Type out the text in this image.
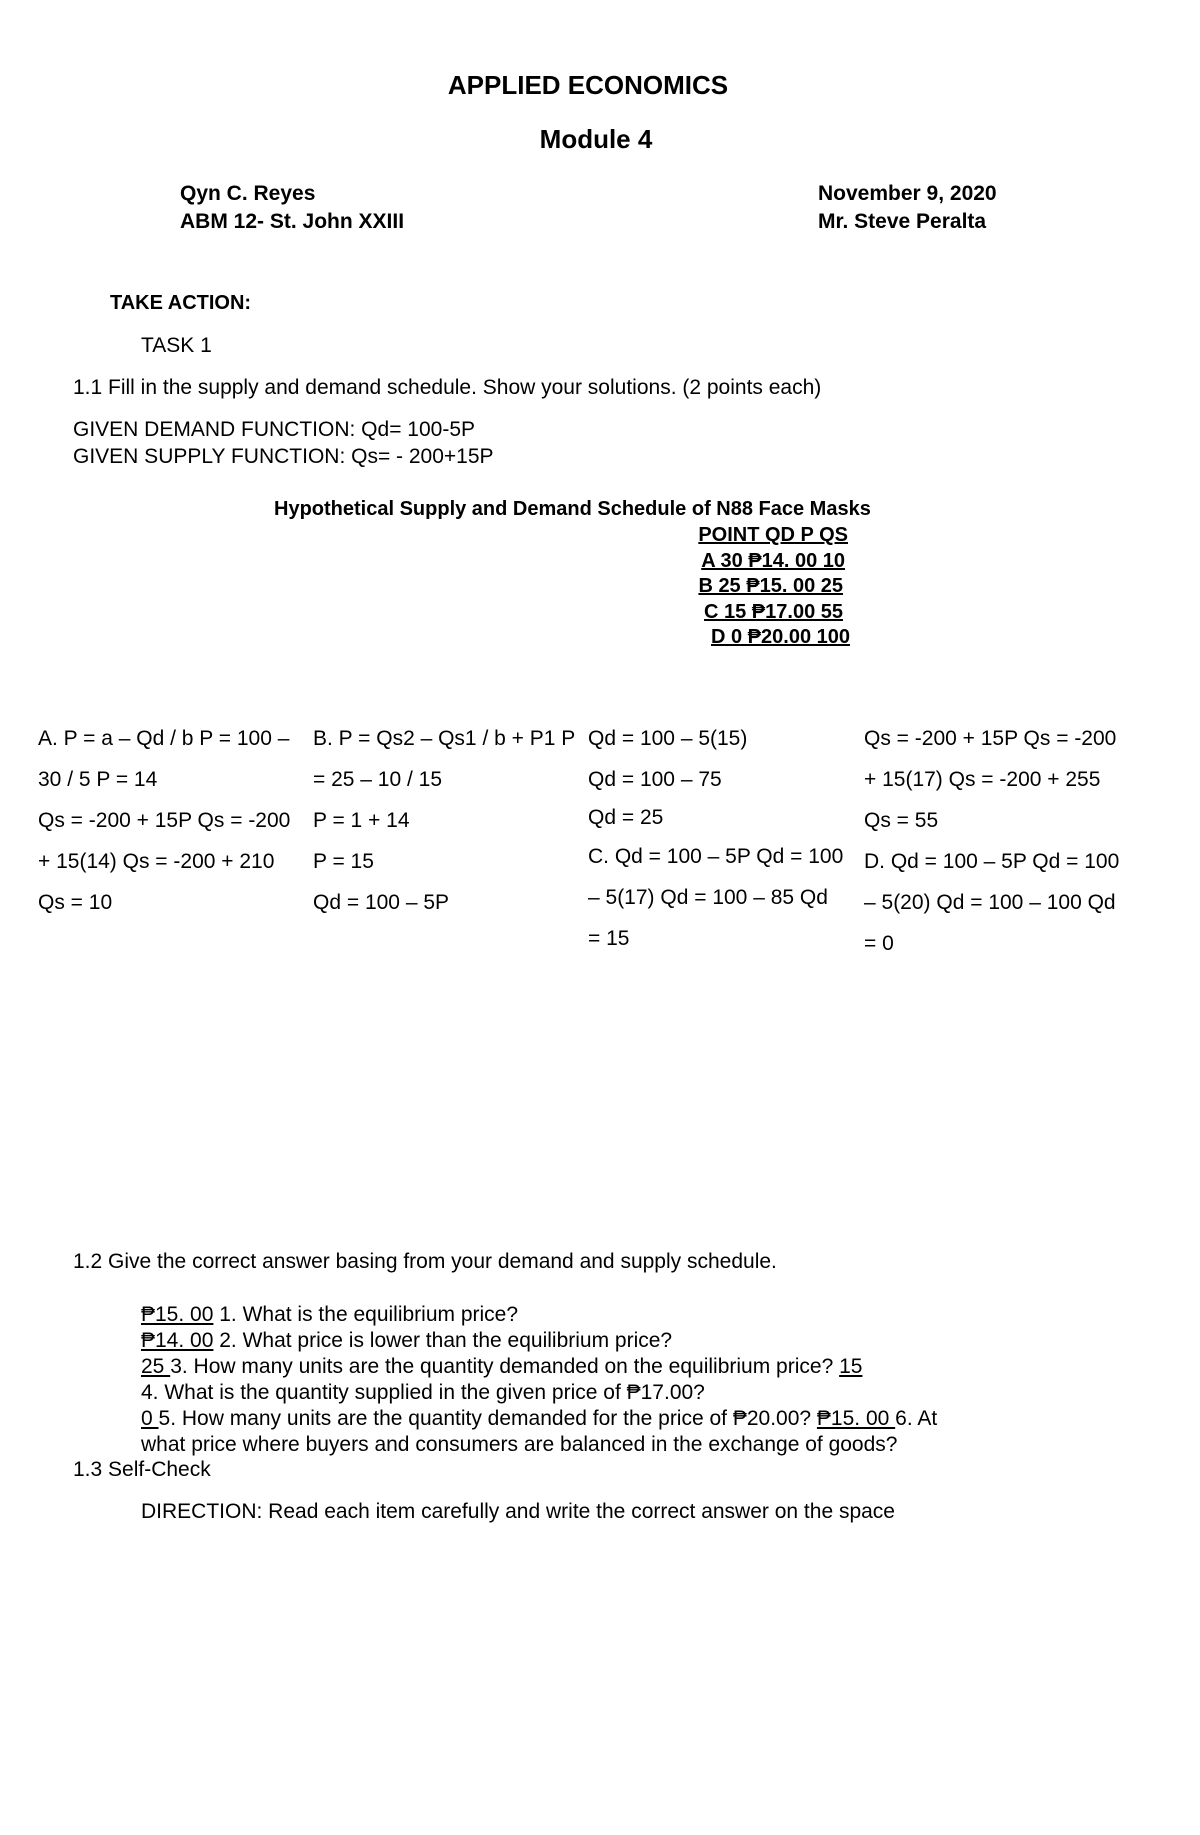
APPLIED ECONOMICS
Module 4
Qyn C. Reyes
ABM 12- St. John XXIII
November 9, 2020
Mr. Steve Peralta
TAKE ACTION:
TASK 1
1.1 Fill in the supply and demand schedule. Show your solutions. (2 points each)
GIVEN DEMAND FUNCTION: Qd= 100-5P
GIVEN SUPPLY FUNCTION: Qs= - 200+15P
Hypothetical Supply and Demand Schedule of N88 Face Masks
POINT QD P QS
A 30 ₱14. 00 10
B 25 ₱15. 00 25
C 15 ₱17.00 55
D 0 ₱20.00 100
A. P = a – Qd / b P = 100 –
30 / 5 P = 14
Qs = -200 + 15P Qs = -200
+ 15(14) Qs = -200 + 210
Qs = 10
B. P = Qs2 – Qs1 / b + P1 P
= 25 – 10 / 15
P = 1 + 14
P = 15
Qd = 100 – 5P
Qd = 100 – 5(15)
Qd = 100 – 75
Qd = 25
C. Qd = 100 – 5P Qd = 100
– 5(17) Qd = 100 – 85 Qd
= 15
Qs = -200 + 15P Qs = -200
+ 15(17) Qs = -200 + 255
Qs = 55
D. Qd = 100 – 5P Qd = 100
– 5(20) Qd = 100 – 100 Qd
= 0
1.2 Give the correct answer basing from your demand and supply schedule.
₱15. 00 1. What is the equilibrium price?
₱14. 00 2. What price is lower than the equilibrium price?
25 3. How many units are the quantity demanded on the equilibrium price? 15
4. What is the quantity supplied in the given price of ₱17.00?
0 5. How many units are the quantity demanded for the price of ₱20.00? ₱15. 00 6. At
what price where buyers and consumers are balanced in the exchange of goods?
1.3 Self-Check
DIRECTION: Read each item carefully and write the correct answer on the space
